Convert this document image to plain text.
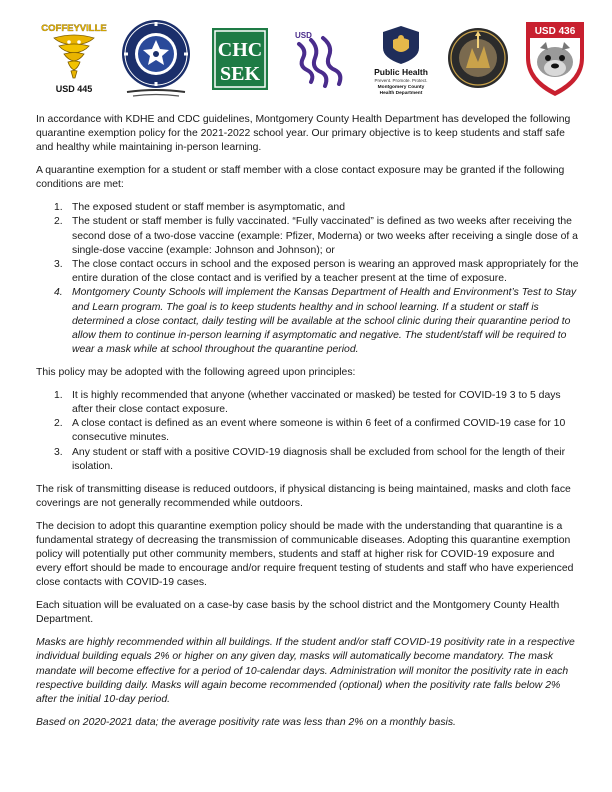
COFFEYVILLE
USD 445
CHC
SEK
USD
Public Health
Prevent. Promote. Protect.
Montgomery County
Health Department
USD 436

In accordance with KDHE and CDC guidelines, Montgomery County Health Department has developed the following quarantine exemption policy for the 2021-2022 school year. Our primary objective is to keep students and staff safe and healthy while maintaining in-person learning.

A quarantine exemption for a student or staff member with a close contact exposure may be granted if the following conditions are met:

1. The exposed student or staff member is asymptomatic, and
2. The student or staff member is fully vaccinated. “Fully vaccinated” is defined as two weeks after receiving the second dose of a two-dose vaccine (example: Pfizer, Moderna) or two weeks after receiving a single dose of a single-dose vaccine (example: Johnson and Johnson); or
3. The close contact occurs in school and the exposed person is wearing an approved mask appropriately for the entire duration of the close contact and is verified by a teacher present at the time of exposure.
4. Montgomery County Schools will implement the Kansas Department of Health and Environment’s Test to Stay and Learn program. The goal is to keep students healthy and in school learning. If a student or staff is determined a close contact, daily testing will be available at the school clinic during their quarantine period to allow them to continue in-person learning if asymptomatic and negative. The student/staff will be required to wear a mask while at school throughout the quarantine period.

This policy may be adopted with the following agreed upon principles:

1. It is highly recommended that anyone (whether vaccinated or masked) be tested for COVID-19 3 to 5 days after their close contact exposure.
2. A close contact is defined as an event where someone is within 6 feet of a confirmed COVID-19 case for 10 consecutive minutes.
3. Any student or staff with a positive COVID-19 diagnosis shall be excluded from school for the length of their isolation.

The risk of transmitting disease is reduced outdoors, if physical distancing is being maintained, masks and cloth face coverings are not generally recommended while outdoors.

The decision to adopt this quarantine exemption policy should be made with the understanding that quarantine is a fundamental strategy of decreasing the transmission of communicable diseases. Adopting this quarantine exemption policy will potentially put other community members, students and staff at higher risk for COVID-19 exposure and every effort should be made to encourage and/or require frequent testing of students and staff who have experienced close contacts with COVID-19 cases.

Each situation will be evaluated on a case-by case basis by the school district and the Montgomery County Health Department.

Masks are highly recommended within all buildings. If the student and/or staff COVID-19 positivity rate in a respective individual building equals 2% or higher on any given day, masks will automatically become mandatory. The mask mandate will become effective for a period of 10-calendar days. Administration will monitor the positivity rate in each respective building daily. Masks will again become recommended (optional) when the positivity rate falls below 2% after the initial 10-day period.

Based on 2020-2021 data; the average positivity rate was less than 2% on a monthly basis.
